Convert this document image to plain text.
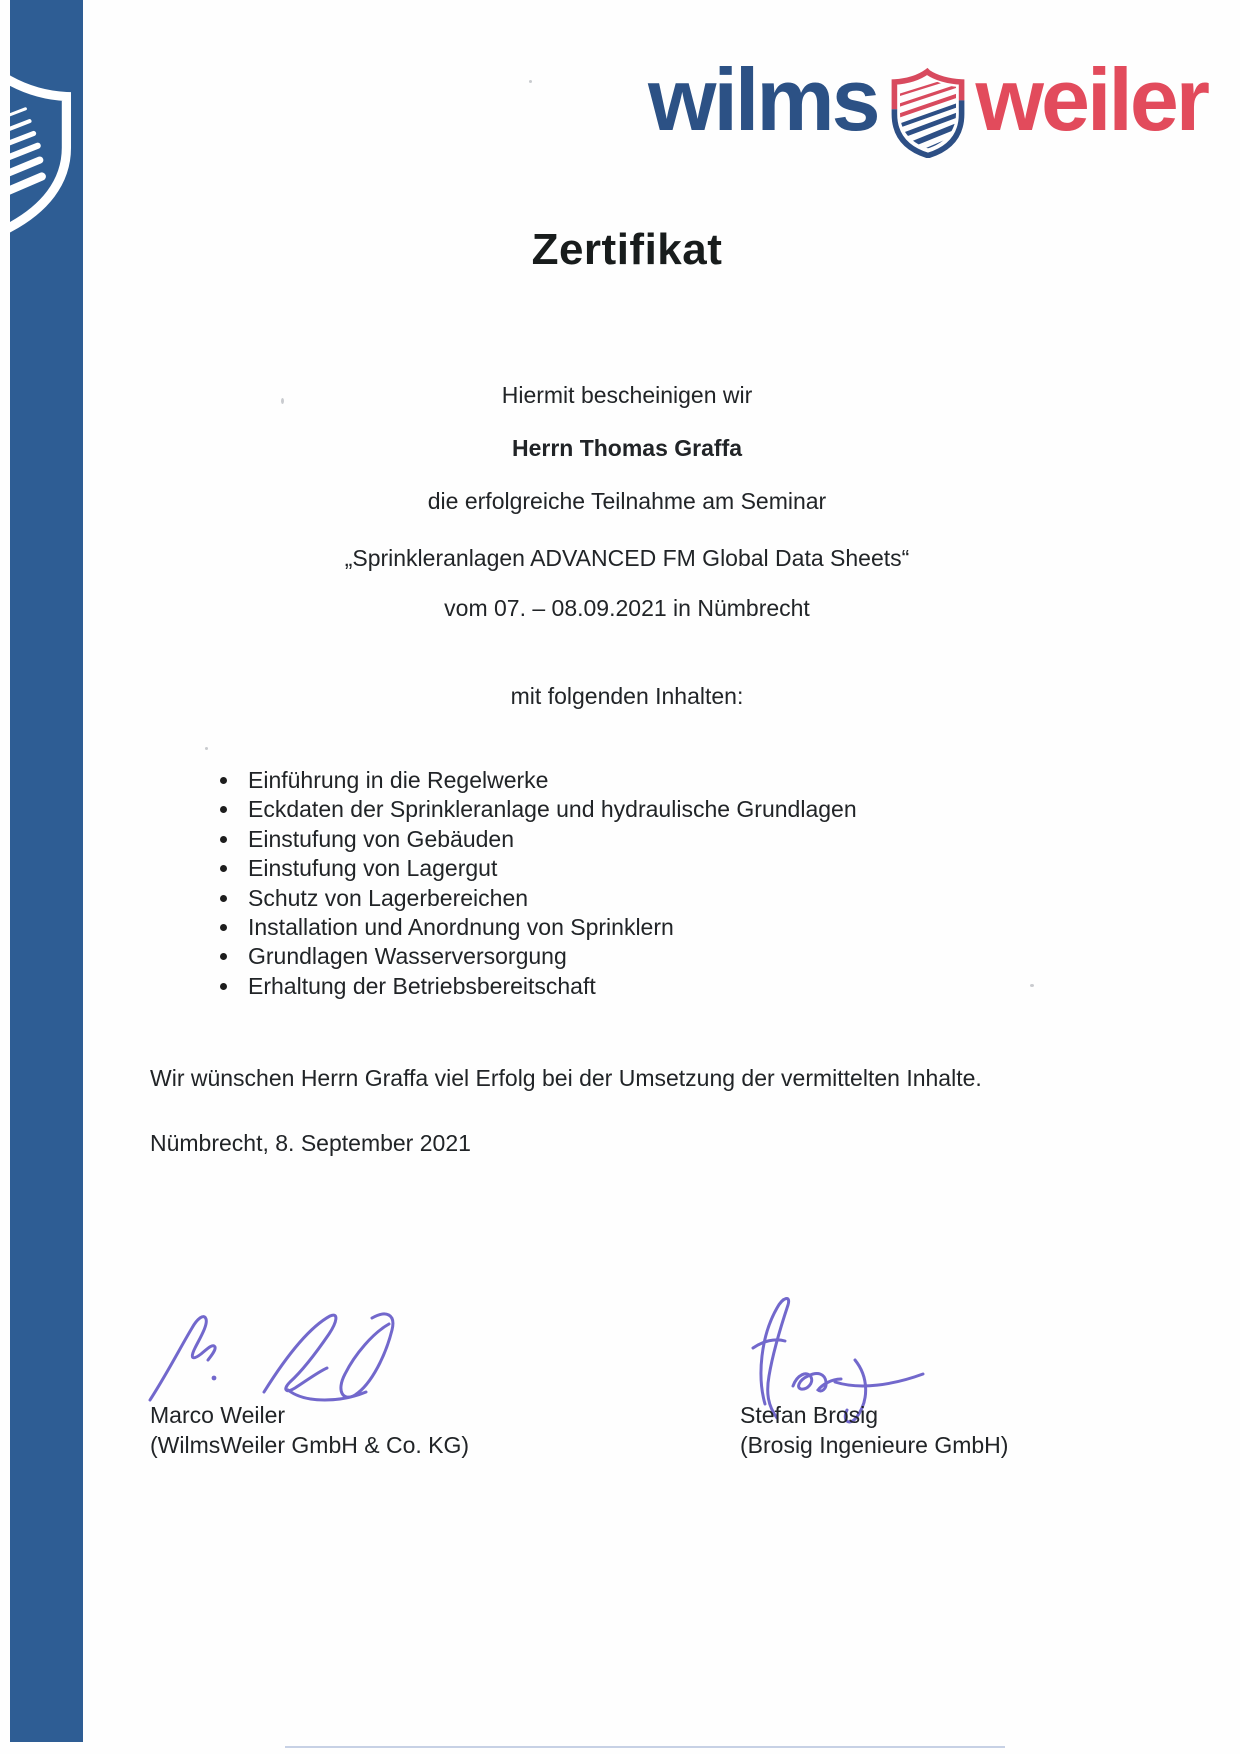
wilms weiler
Zertifikat

Hiermit bescheinigen wir

Herrn Thomas Graffa

die erfolgreiche Teilnahme am Seminar

„Sprinkleranlagen ADVANCED FM Global Data Sheets“

vom 07. – 08.09.2021 in Nümbrecht

mit folgenden Inhalten:

Einführung in die Regelwerke
Eckdaten der Sprinkleranlage und hydraulische Grundlagen
Einstufung von Gebäuden
Einstufung von Lagergut
Schutz von Lagerbereichen
Installation und Anordnung von Sprinklern
Grundlagen Wasserversorgung
Erhaltung der Betriebsbereitschaft

Wir wünschen Herrn Graffa viel Erfolg bei der Umsetzung der vermittelten Inhalte.

Nümbrecht, 8. September 2021

Marco Weiler

(WilmsWeiler GmbH & Co. KG)

Stefan Brosig

(Brosig Ingenieure GmbH)
